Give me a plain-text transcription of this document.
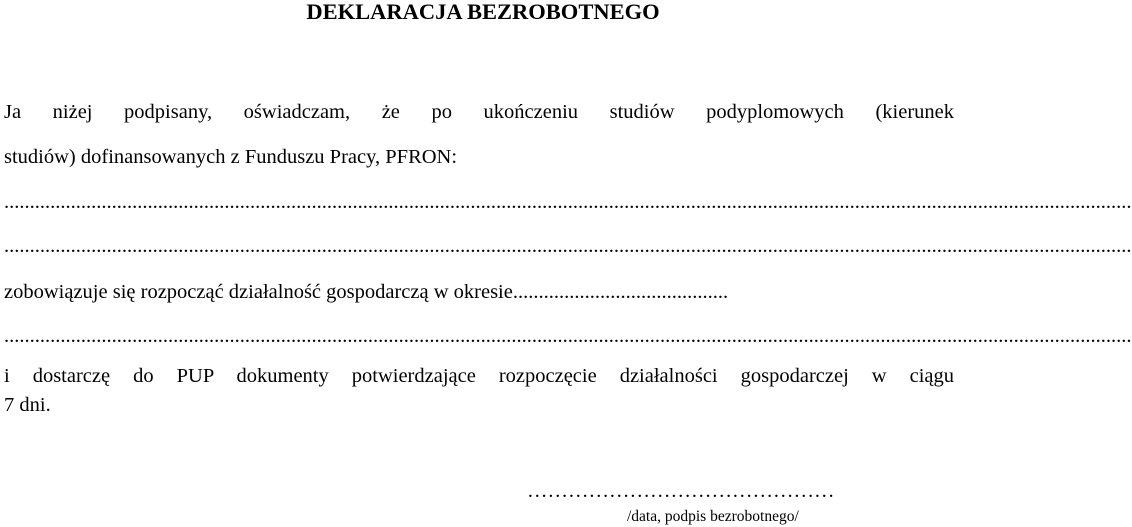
DEKLARACJA BEZROBOTNEGO
Ja niżej podpisany, oświadczam, że po ukończeniu studiów podyplomowych (kierunek
studiów) dofinansowanych z Funduszu Pracy, PFRON:
............................................................................................................................................................................................................................
............................................................................................................................................................................................................................
zobowiązuje się rozpocząć działalność gospodarczą w okresie..........................................
............................................................................................................................................................................................................................
i dostarczę do PUP dokumenty potwierdzające rozpoczęcie działalności gospodarczej w ciągu
7 dni.
………………………………………
/data, podpis bezrobotnego/
